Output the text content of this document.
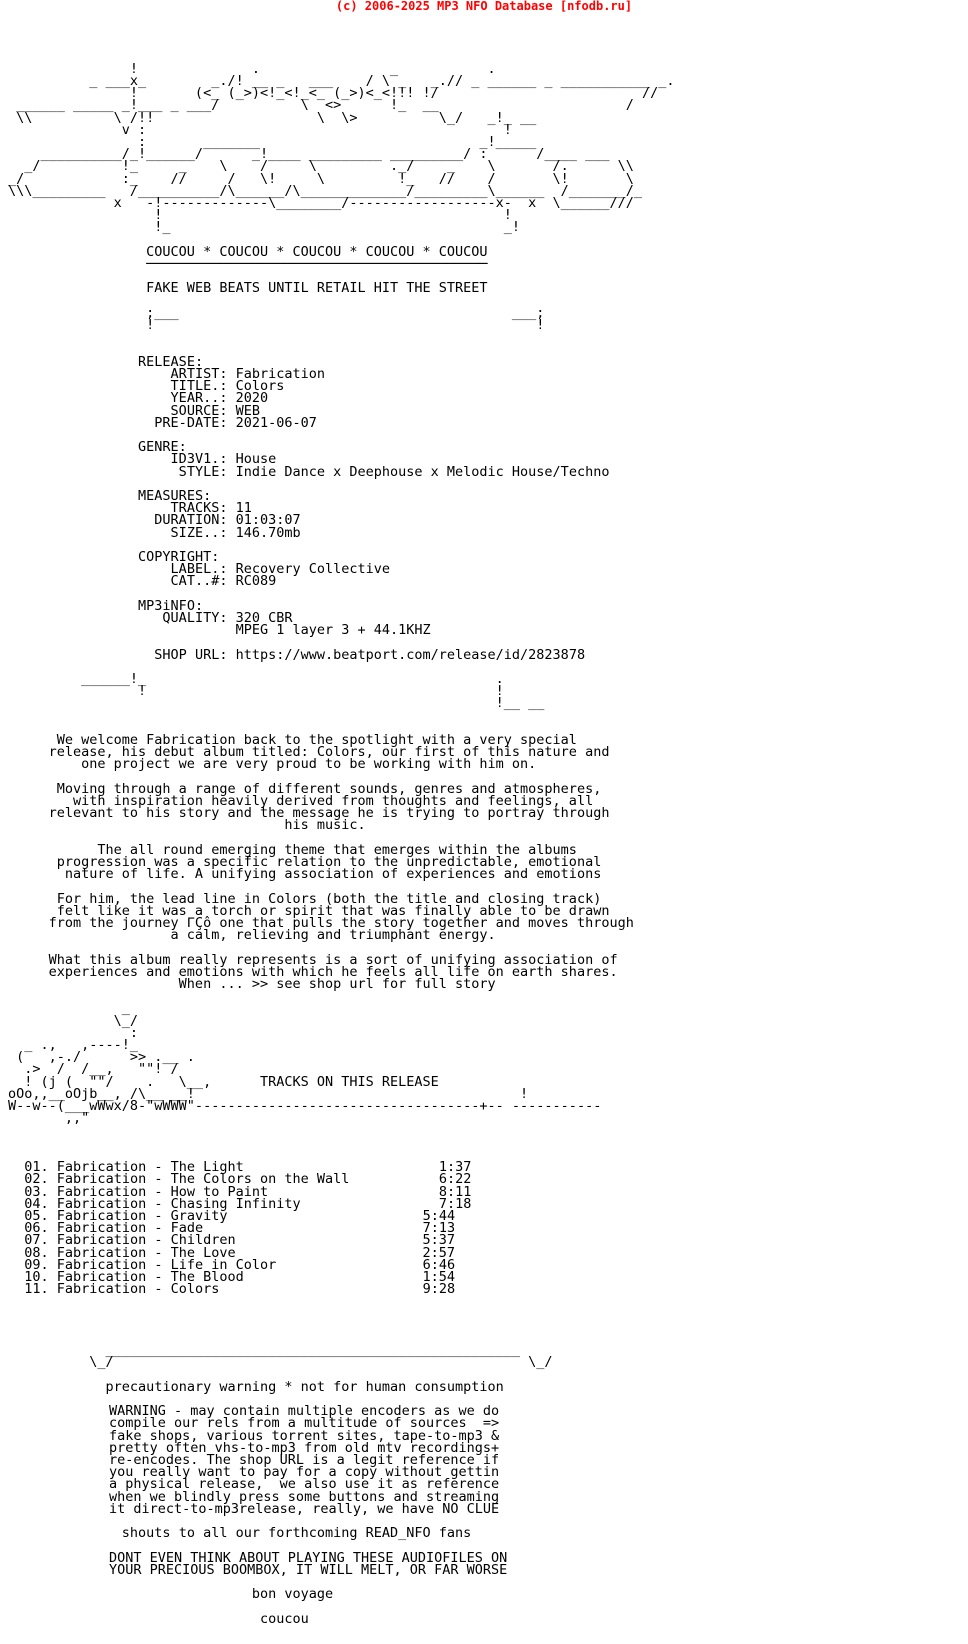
(c) 2006-2025 MP3 NFO Database [nfodb.ru]

!              .                _           .
_ ___x_        _./! __ _   ___    / \ _   _.// _ ______ _ ___________ _.
!       (<_ (_>)<!_<!_<_ (_>)<_<!!! !/                         //
______ _____ _!___ _ ___/          \  <>      !_  __                       /
\\          \ /!!                    \  \>          \_/   _!_ __
v :                                            !
:       _______                           _!_____
__________/_!______/      _!____ _________ _________/ :      /____ ___
_/          !_     _    \    /     \         ._/    _    \       /.      \\
_/            :_    //     /   \!     \         !_   //    /       \!       \
\\\_________   /__________/\______/\_____________/_________\______  /_______/_
x   -!-------------\________/------------------x-  x  \______///
!                                          !
!_                                         _!

COUCOU * COUCOU * COUCOU * COUCOU * COUCOU
──────────────────────────────────────────

FAKE WEB BEATS UNTIL RETAIL HIT THE STREET

;___                                         ___;
!                                               !

RELEASE:
ARTIST: Fabrication
TITLE.: Colors
YEAR..: 2020
SOURCE: WEB
PRE-DATE: 2021-06-07

GENRE:
ID3V1.: House
STYLE: Indie Dance x Deephouse x Melodic House/Techno

MEASURES:
TRACKS: 11
DURATION: 01:03:07
SIZE..: 146.70mb

COPYRIGHT:
LABEL.: Recovery Collective
CAT..#: RC089

MP3iNFO:
QUALITY: 320 CBR
MPEG 1 layer 3 + 44.1KHZ

SHOP URL: https://www.beatport.com/release/id/2823878

______!_                                           .
!                                           !
!__ __

We welcome Fabrication back to the spotlight with a very special
release, his debut album titled: Colors, our first of this nature and
one project we are very proud to be working with him on.

Moving through a range of different sounds, genres and atmospheres,
with inspiration heavily derived from thoughts and feelings, all
relevant to his story and the message he is trying to portray through
his music.

The all round emerging theme that emerges within the albums
progression was a specific relation to the unpredictable, emotional
nature of life. A unifying association of experiences and emotions

For him, the lead line in Colors (both the title and closing track)
felt like it was a torch or spirit that was finally able to be drawn
from the journey ΓÇô one that pulls the story together and moves through
a calm, relieving and triumphant energy.

What this album really represents is a sort of unifying association of
experiences and emotions with which he feels all life on earth shares.
When ... >> see shop url for full story

_
\_/
:
_ .,   ,----!_
(   ,-./      >> .__ .
.>  /  /__,   ""! /
! (j (  ""/    .   \__,      TRACKS ON THIS RELEASE
oOo,,__oOjb__, /\__ __!                                        !
W--w--(___wWwx/8-"wWWW"-----------------------------------+-- -----------
,,"

01. Fabrication - The Light	1:37
02. Fabrication - The Colors on the Wall	6:22
03. Fabrication - How to Paint	8:11
04. Fabrication - Chasing Infinity	7:18
05. Fabrication - Gravity	5:44
06. Fabrication - Fade	7:13
07. Fabrication - Children	5:37
08. Fabrication - The Love	2:57
09. Fabrication - Life in Color	6:46
10. Fabrication - The Blood	1:54
11. Fabrication - Colors	9:28

___________________________________________________
\_/                                                   \_/

precautionary warning * not for human consumption

WARNING - may contain multiple encoders as we do
compile our rels from a multitude of sources  =>
fake shops, various torrent sites, tape-to-mp3 &
pretty often vhs-to-mp3 from old mtv recordings+
re-encodes. The shop URL is a legit reference if
you really want to pay for a copy without gettin
a physical release,  we also use it as reference
when we blindly press some buttons and streaming
it direct-to-mp3release, really, we have NO CLUE

shouts to all our forthcoming READ_NFO fans

DONT EVEN THINK ABOUT PLAYING THESE AUDIOFILES ON
YOUR PRECIOUS BOOMBOX, IT WILL MELT, OR FAR WORSE

bon voyage

coucou
